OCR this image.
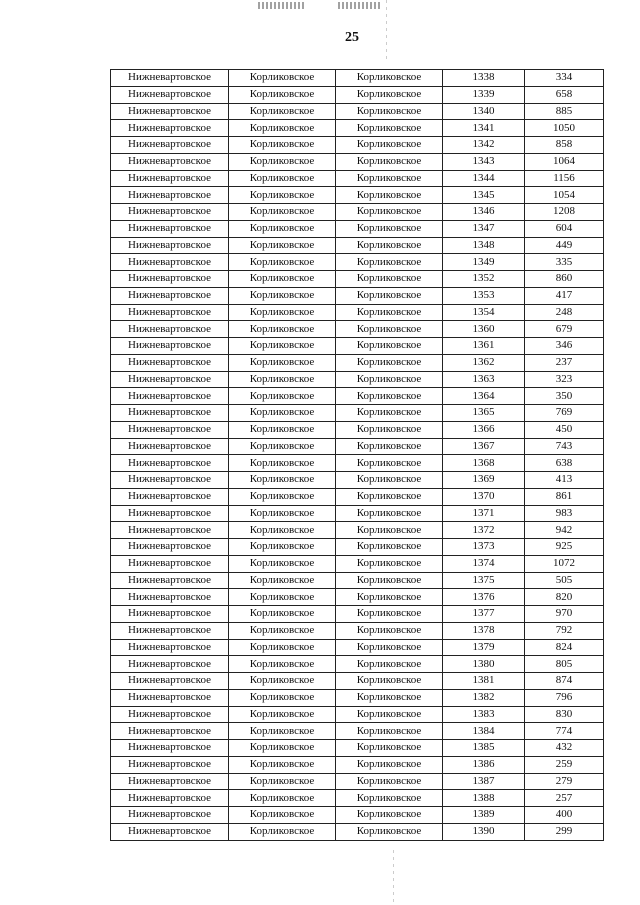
25
Нижневартовское	Корликовское	Корликовское	1338	334
Нижневартовское	Корликовское	Корликовское	1339	658
Нижневартовское	Корликовское	Корликовское	1340	885
Нижневартовское	Корликовское	Корликовское	1341	1050
Нижневартовское	Корликовское	Корликовское	1342	858
Нижневартовское	Корликовское	Корликовское	1343	1064
Нижневартовское	Корликовское	Корликовское	1344	1156
Нижневартовское	Корликовское	Корликовское	1345	1054
Нижневартовское	Корликовское	Корликовское	1346	1208
Нижневартовское	Корликовское	Корликовское	1347	604
Нижневартовское	Корликовское	Корликовское	1348	449
Нижневартовское	Корликовское	Корликовское	1349	335
Нижневартовское	Корликовское	Корликовское	1352	860
Нижневартовское	Корликовское	Корликовское	1353	417
Нижневартовское	Корликовское	Корликовское	1354	248
Нижневартовское	Корликовское	Корликовское	1360	679
Нижневартовское	Корликовское	Корликовское	1361	346
Нижневартовское	Корликовское	Корликовское	1362	237
Нижневартовское	Корликовское	Корликовское	1363	323
Нижневартовское	Корликовское	Корликовское	1364	350
Нижневартовское	Корликовское	Корликовское	1365	769
Нижневартовское	Корликовское	Корликовское	1366	450
Нижневартовское	Корликовское	Корликовское	1367	743
Нижневартовское	Корликовское	Корликовское	1368	638
Нижневартовское	Корликовское	Корликовское	1369	413
Нижневартовское	Корликовское	Корликовское	1370	861
Нижневартовское	Корликовское	Корликовское	1371	983
Нижневартовское	Корликовское	Корликовское	1372	942
Нижневартовское	Корликовское	Корликовское	1373	925
Нижневартовское	Корликовское	Корликовское	1374	1072
Нижневартовское	Корликовское	Корликовское	1375	505
Нижневартовское	Корликовское	Корликовское	1376	820
Нижневартовское	Корликовское	Корликовское	1377	970
Нижневартовское	Корликовское	Корликовское	1378	792
Нижневартовское	Корликовское	Корликовское	1379	824
Нижневартовское	Корликовское	Корликовское	1380	805
Нижневартовское	Корликовское	Корликовское	1381	874
Нижневартовское	Корликовское	Корликовское	1382	796
Нижневартовское	Корликовское	Корликовское	1383	830
Нижневартовское	Корликовское	Корликовское	1384	774
Нижневартовское	Корликовское	Корликовское	1385	432
Нижневартовское	Корликовское	Корликовское	1386	259
Нижневартовское	Корликовское	Корликовское	1387	279
Нижневартовское	Корликовское	Корликовское	1388	257
Нижневартовское	Корликовское	Корликовское	1389	400
Нижневартовское	Корликовское	Корликовское	1390	299
